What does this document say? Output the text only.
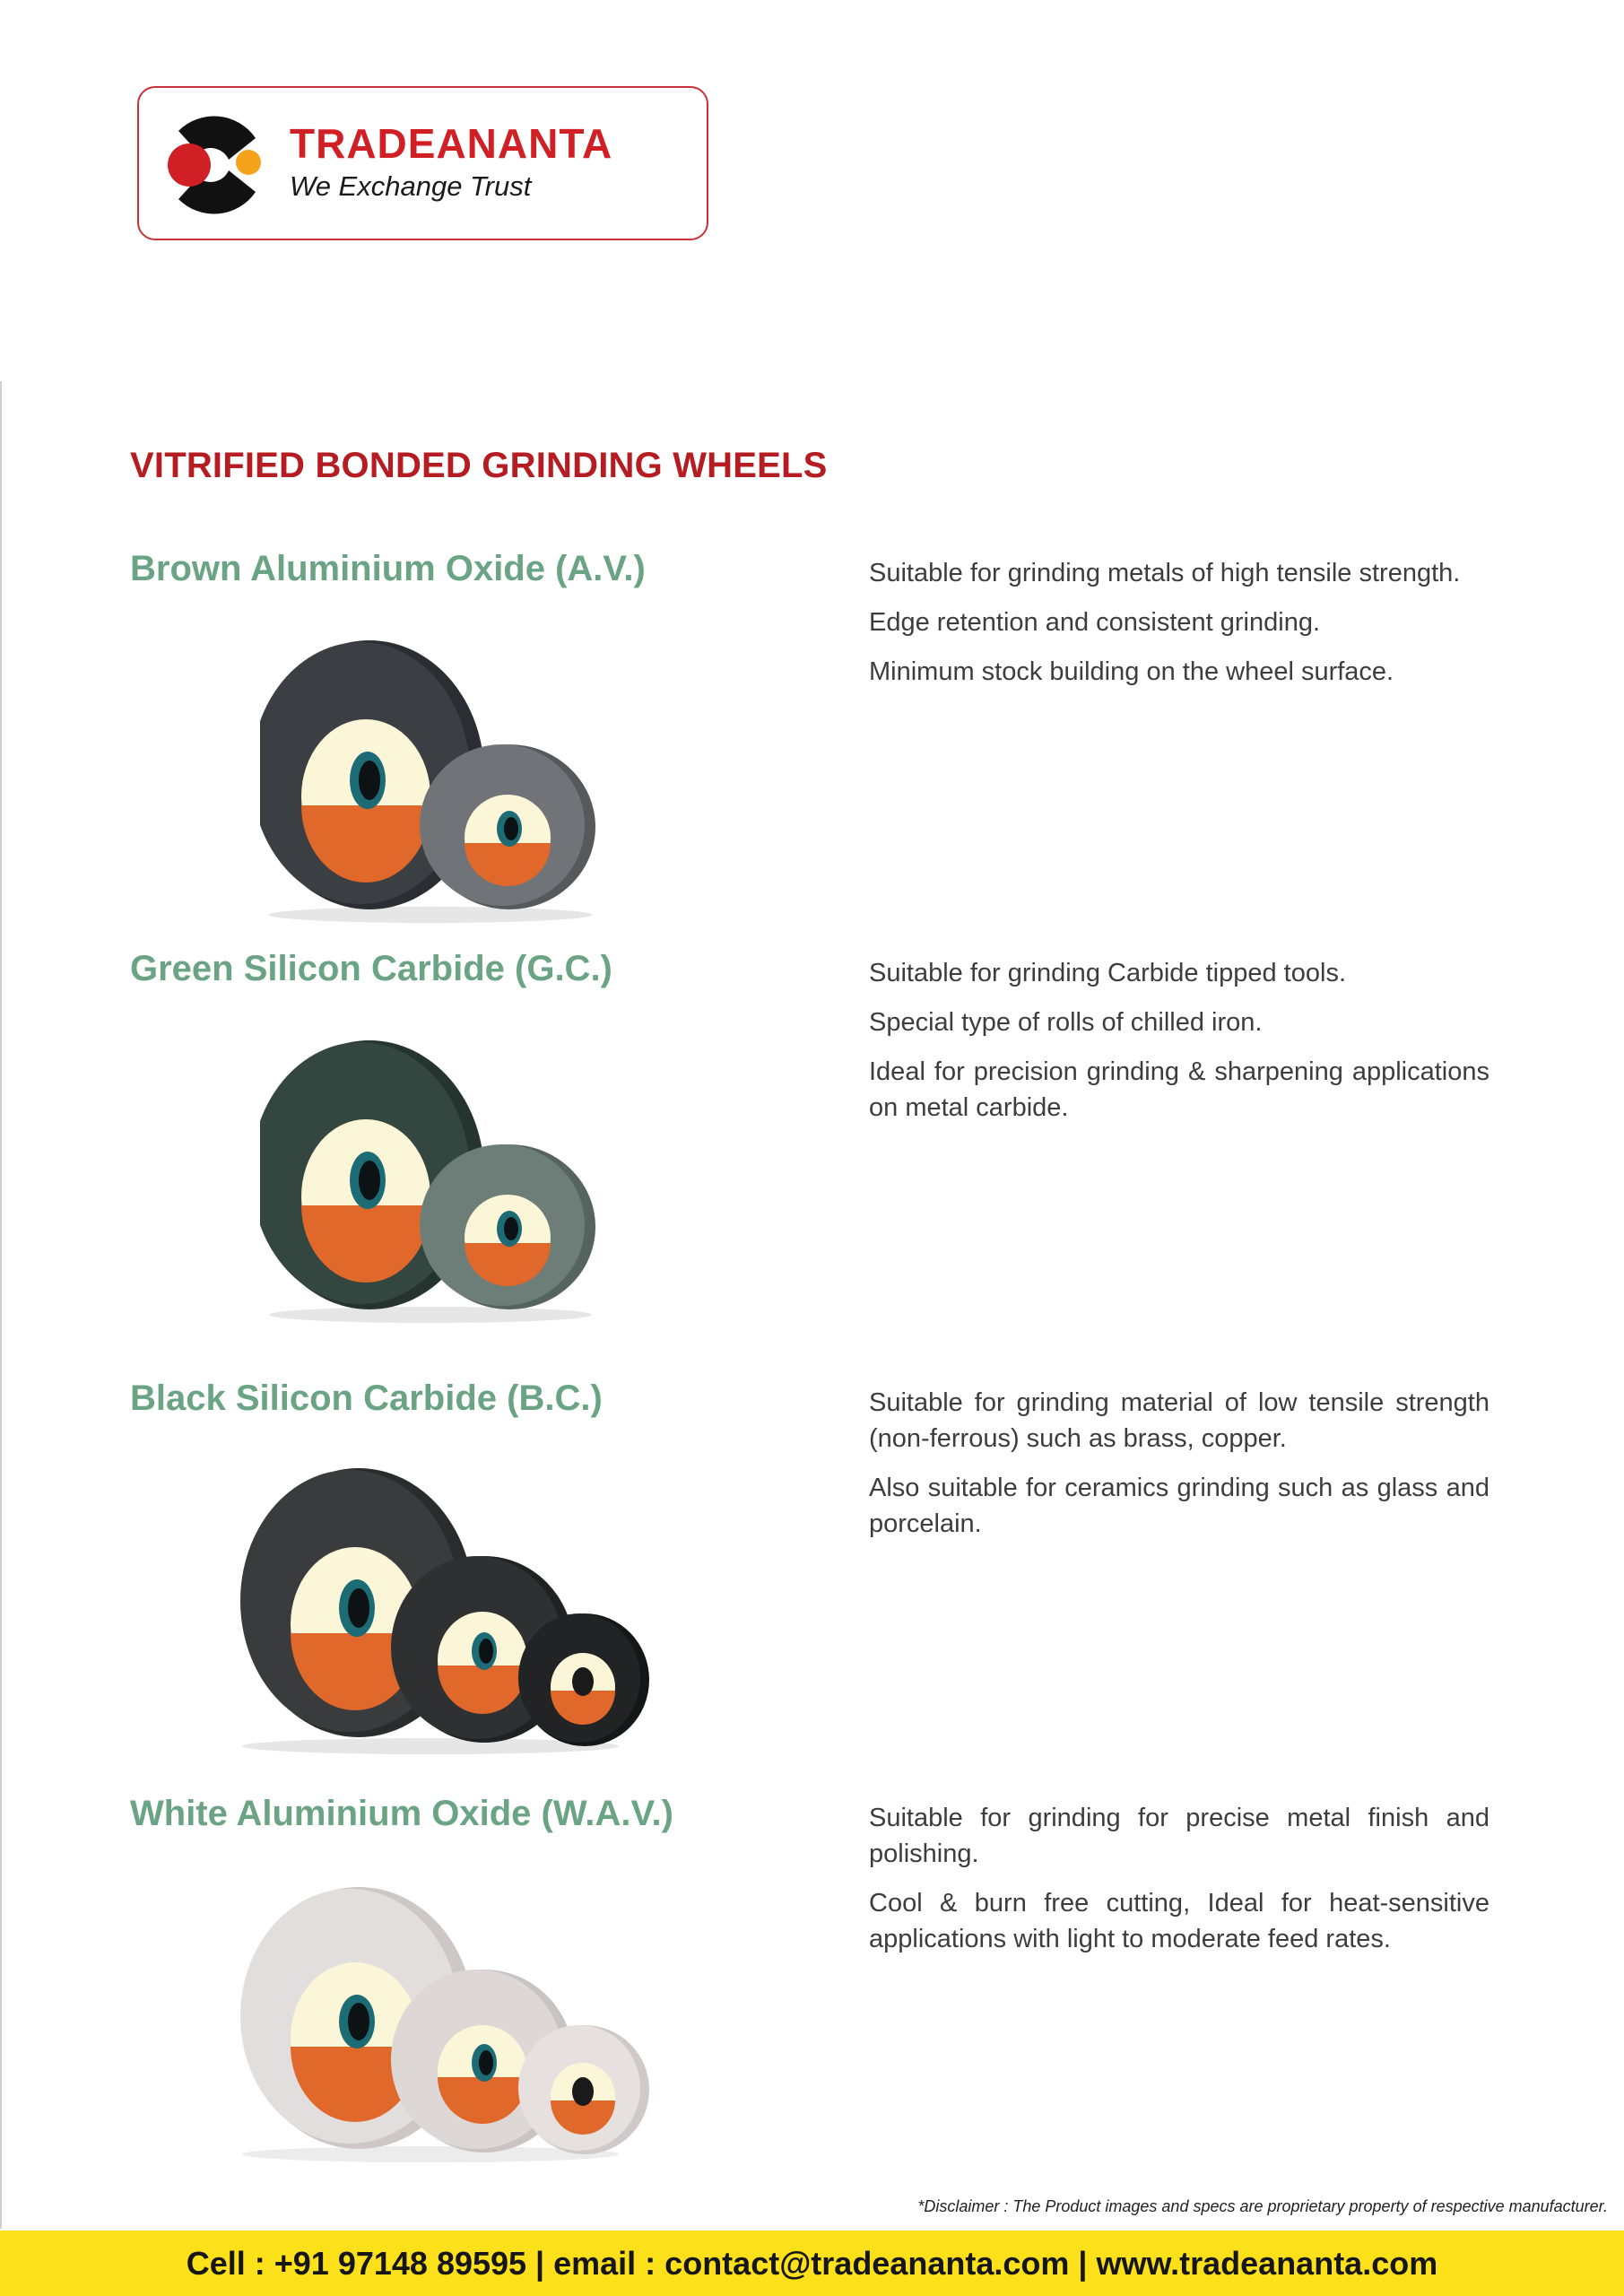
TRADEANANTA
We Exchange Trust
VITRIFIED BONDED GRINDING WHEELS
Brown Aluminium Oxide (A.V.)	Suitable for grinding metals of high tensile strength.
Edge retention and consistent grinding.
Minimum stock building on the wheel surface.
Green Silicon Carbide (G.C.)	Suitable for grinding Carbide tipped tools.
Special type of rolls of chilled iron.
Ideal for precision grinding & sharpening applications on metal carbide.
Black Silicon Carbide (B.C.)	Suitable for grinding material of low tensile strength (non-ferrous) such as brass, copper.
Also suitable for ceramics grinding such as glass and porcelain.
White Aluminium Oxide (W.A.V.)	Suitable for grinding for precise metal finish and polishing.
Cool & burn free cutting, Ideal for heat-sensitive applications with light to moderate feed rates.
*Disclaimer : The Product images and specs are proprietary property of respective manufacturer.
Cell : +91 97148 89595 | email : contact@tradeananta.com | www.tradeananta.com
